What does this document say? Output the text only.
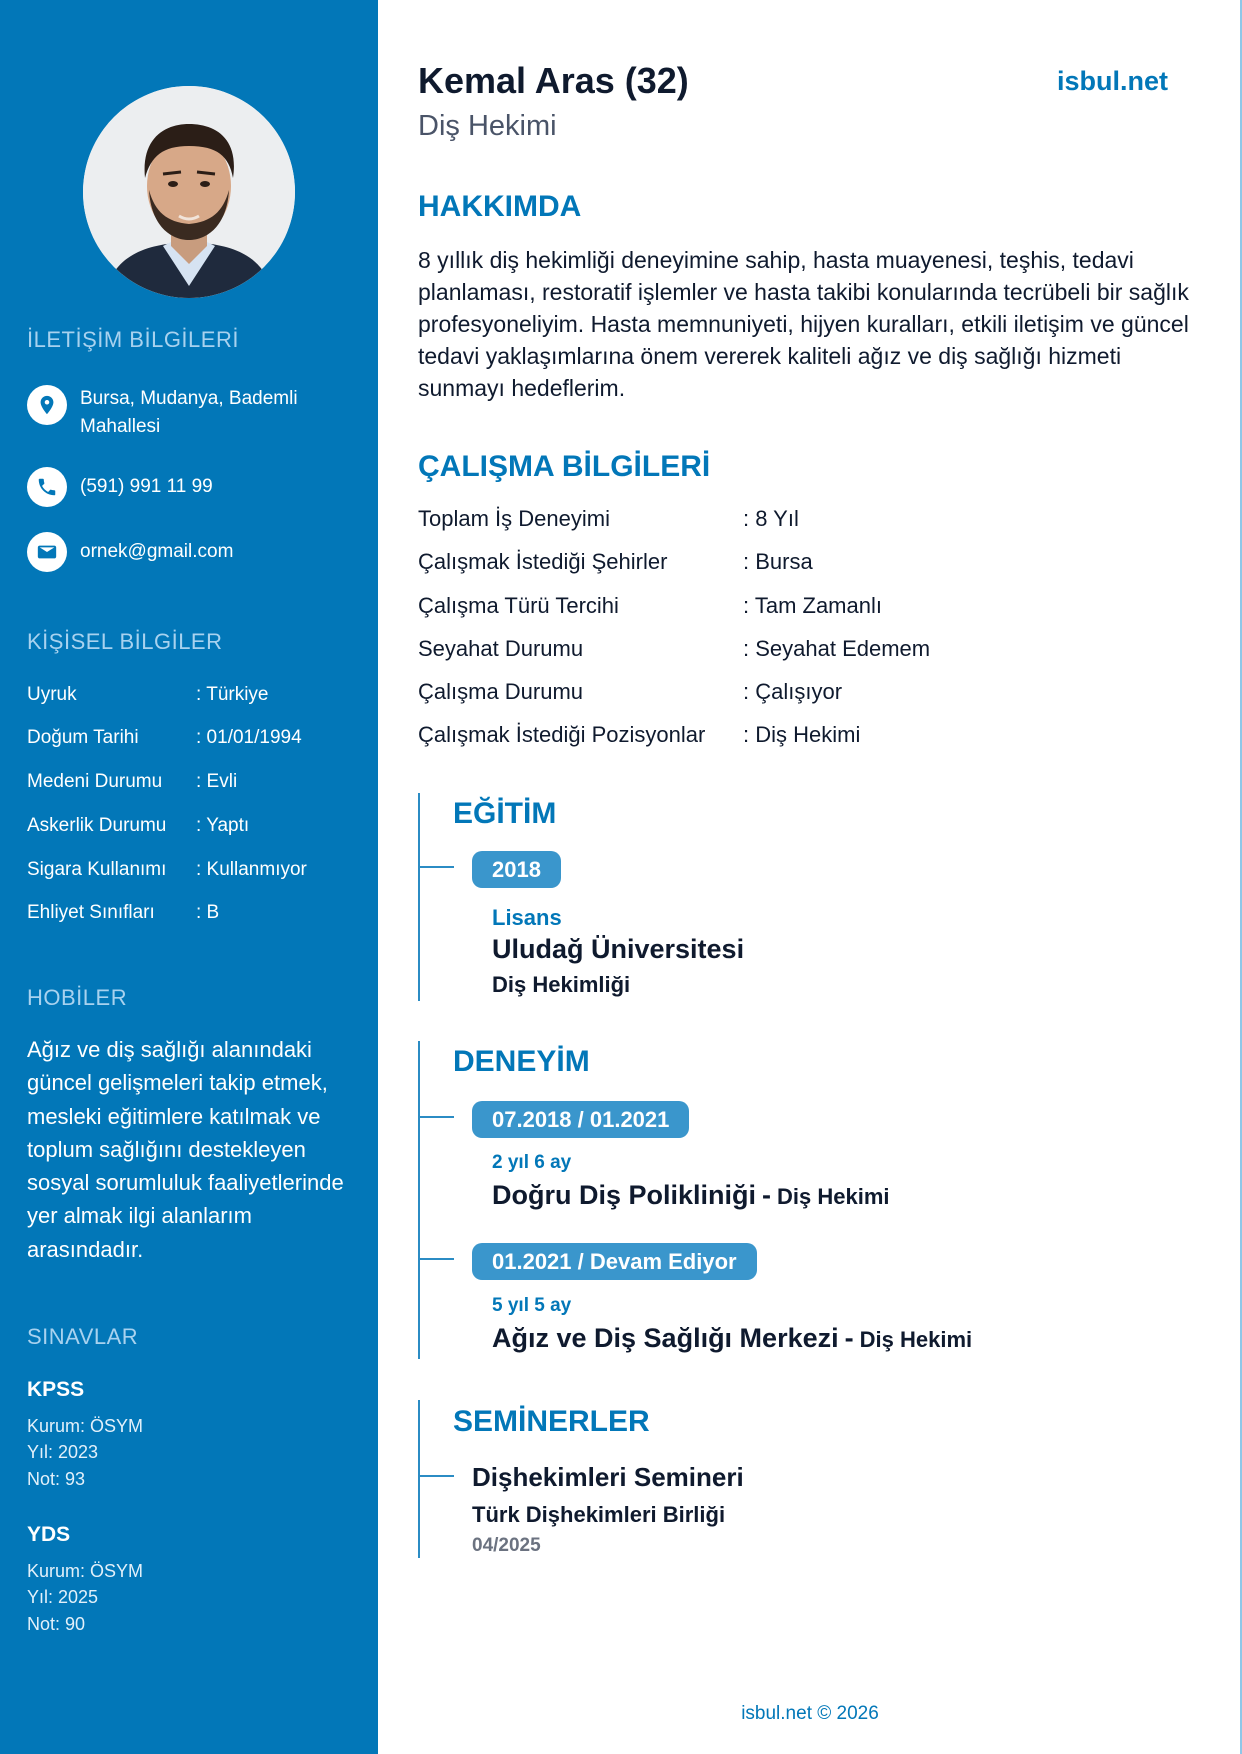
İLETİŞİM BİLGİLERİ
Bursa, Mudanya, Bademli Mahallesi
(591) 991 11 99
ornek@gmail.com
KİŞİSEL BİLGİLER
Uyruk	: Türkiye
Doğum Tarihi	: 01/01/1994
Medeni Durumu	: Evli
Askerlik Durumu	: Yaptı
Sigara Kullanımı	: Kullanmıyor
Ehliyet Sınıfları	: B
HOBİLER
Ağız ve diş sağlığı alanındaki güncel gelişmeleri takip etmek, mesleki eğitimlere katılmak ve toplum sağlığını destekleyen sosyal sorumluluk faaliyetlerinde yer almak ilgi alanlarım arasındadır.
SINAVLAR
KPSS
Kurum: ÖSYM
Yıl: 2023
Not: 93
YDS
Kurum: ÖSYM
Yıl: 2025
Not: 90
Kemal Aras (32)
Diş Hekimi
isbul.net
HAKKIMDA
8 yıllık diş hekimliği deneyimine sahip, hasta muayenesi, teşhis, tedavi planlaması, restoratif işlemler ve hasta takibi konularında tecrübeli bir sağlık profesyoneliyim. Hasta memnuniyeti, hijyen kuralları, etkili iletişim ve güncel tedavi yaklaşımlarına önem vererek kaliteli ağız ve diş sağlığı hizmeti sunmayı hedeflerim.
ÇALIŞMA BİLGİLERİ
Toplam İş Deneyimi	: 8 Yıl
Çalışmak İstediği Şehirler	: Bursa
Çalışma Türü Tercihi	: Tam Zamanlı
Seyahat Durumu	: Seyahat Edemem
Çalışma Durumu	: Çalışıyor
Çalışmak İstediği Pozisyonlar	: Diş Hekimi
EĞİTİM
2018
Lisans
Uludağ Üniversitesi
Diş Hekimliği
DENEYİM
07.2018 / 01.2021
2 yıl 6 ay
Doğru Diş Polikliniği - Diş Hekimi
01.2021 / Devam Ediyor
5 yıl 5 ay
Ağız ve Diş Sağlığı Merkezi - Diş Hekimi
SEMİNERLER
Dişhekimleri Semineri
Türk Dişhekimleri Birliği
04/2025
isbul.net © 2026
